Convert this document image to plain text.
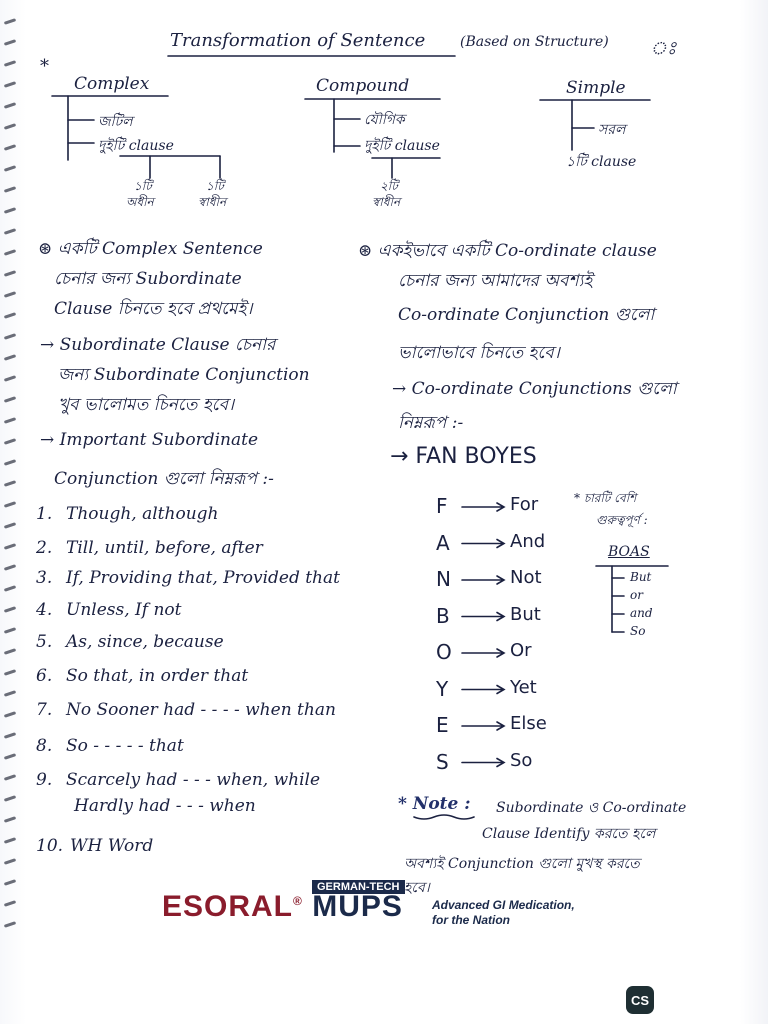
Transformation of Sentence (Based on Structure) ঃ
*
Complex
জটিল
দুইটি clause
১টি
অধীন
১টি
স্বাধীন
Compound
যৌগিক
দুইটি clause
২টি
স্বাধীন
Simple
সরল
১টি clause
⊛ একটি Complex Sentence
চেনার জন্য Subordinate
Clause চিনতে হবে প্রথমেই।
→ Subordinate Clause চেনার
জন্য Subordinate Conjunction
খুব ভালোমত চিনতে হবে।
→ Important Subordinate
Conjunction গুলো নিম্নরূপ :-
1. Though, although
2. Till, until, before, after
3. If, Providing that, Provided that
4. Unless, If not
5. As, since, because
6. So that, in order that
7. No Sooner had - - - - when than
8. So - - - - - that
9. Scarcely had - - - when, while
Hardly had - - - when
10. WH Word
⊛ একইভাবে একটি Co-ordinate clause
চেনার জন্য আমাদের অবশ্যই
Co-ordinate Conjunction গুলো
ভালোভাবে চিনতে হবে।
→ Co-ordinate Conjunctions গুলো
নিম্নরূপ :-
→ FAN BOYES
F	For
A	And
N	Not
B	But
O	Or
Y	Yet
E	Else
S	So
* চারটি বেশি
গুরুত্বপূর্ণ :
BOAS
But
or
and
So
* Note : Subordinate ও Co-ordinate
Clause Identify করতে হলে
অবশ্যই Conjunction গুলো মুখস্থ করতে
হবে।
GERMAN-TECH
ESORAL® MUPS Advanced GI Medication,
for the Nation
CS
